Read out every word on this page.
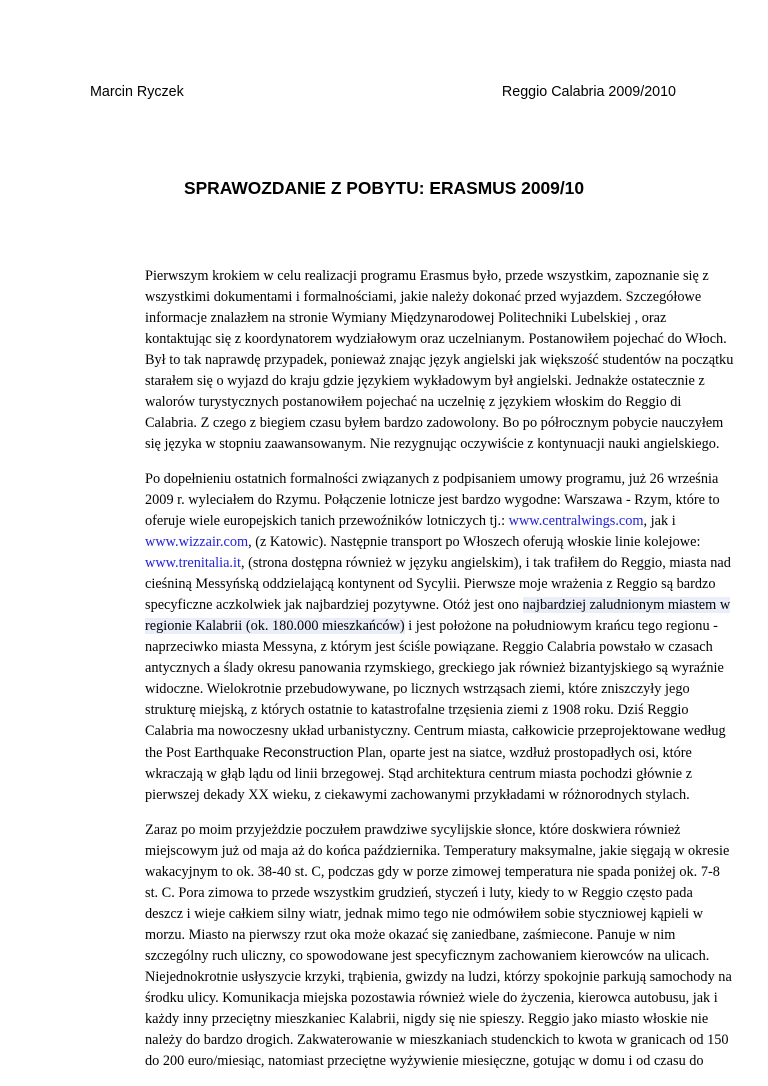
Marcin Ryczek	Reggio Calabria 2009/2010
SPRAWOZDANIE Z POBYTU: ERASMUS 2009/10

Pierwszym krokiem w celu realizacji programu Erasmus było, przede wszystkim, zapoznanie się z
wszystkimi dokumentami i formalnościami, jakie należy dokonać przed wyjazdem. Szczegółowe
informacje znalazłem na stronie Wymiany Międzynarodowej Politechniki Lubelskiej , oraz
kontaktując się z koordynatorem wydziałowym oraz uczelnianym. Postanowiłem pojechać do Włoch.
Był to tak naprawdę przypadek, ponieważ znając język angielski jak większość studentów na początku
starałem się o wyjazd do kraju gdzie językiem wykładowym był angielski. Jednakże ostatecznie z
walorów turystycznych postanowiłem pojechać na uczelnię z językiem włoskim do Reggio di
Calabria. Z czego z biegiem czasu byłem bardzo zadowolony. Bo po półrocznym pobycie nauczyłem
się języka w stopniu zaawansowanym. Nie rezygnując oczywiście z kontynuacji nauki angielskiego.

Po dopełnieniu ostatnich formalności związanych z podpisaniem umowy programu, już 26 września
2009 r. wyleciałem do Rzymu. Połączenie lotnicze jest bardzo wygodne: Warszawa - Rzym, które to
oferuje wiele europejskich tanich przewoźników lotniczych tj.: www.centralwings.com, jak i
www.wizzair.com, (z Katowic). Następnie transport po Włoszech oferują włoskie linie kolejowe:
www.trenitalia.it, (strona dostępna również w języku angielskim), i tak trafiłem do Reggio, miasta nad
cieśniną Messyńską oddzielającą kontynent od Sycylii. Pierwsze moje wrażenia z Reggio są bardzo
specyficzne aczkolwiek jak najbardziej pozytywne. Otóż jest ono najbardziej zaludnionym miastem w
regionie Kalabrii (ok. 180.000 mieszkańców) i jest położone na południowym krańcu tego regionu -
naprzeciwko miasta Messyna, z którym jest ściśle powiązane. Reggio Calabria powstało w czasach
antycznych a ślady okresu panowania rzymskiego, greckiego jak również bizantyjskiego są wyraźnie
widoczne. Wielokrotnie przebudowywane, po licznych wstrząsach ziemi, które zniszczyły jego
strukturę miejską, z których ostatnie to katastrofalne trzęsienia ziemi z 1908 roku. Dziś Reggio
Calabria ma nowoczesny układ urbanistyczny. Centrum miasta, całkowicie przeprojektowane według
the Post Earthquake Reconstruction Plan, oparte jest na siatce, wzdłuż prostopadłych osi, które
wkraczają w głąb lądu od linii brzegowej. Stąd architektura centrum miasta pochodzi głównie z
pierwszej dekady XX wieku, z ciekawymi zachowanymi przykładami w różnorodnych stylach.

Zaraz po moim przyjeżdzie poczułem prawdziwe sycylijskie słonce, które doskwiera również
miejscowym już od maja aż do końca października. Temperatury maksymalne, jakie sięgają w okresie
wakacyjnym to ok. 38-40 st. C, podczas gdy w porze zimowej temperatura nie spada poniżej ok. 7-8
st. C. Pora zimowa to przede wszystkim grudzień, styczeń i luty, kiedy to w Reggio często pada
deszcz i wieje całkiem silny wiatr, jednak mimo tego nie odmówiłem sobie styczniowej kąpieli w
morzu. Miasto na pierwszy rzut oka może okazać się zaniedbane, zaśmiecone. Panuje w nim
szczególny ruch uliczny, co spowodowane jest specyficznym zachowaniem kierowców na ulicach.
Niejednokrotnie usłyszycie krzyki, trąbienia, gwizdy na ludzi, którzy spokojnie parkują samochody na
środku ulicy. Komunikacja miejska pozostawia również wiele do życzenia, kierowca autobusu, jak i
każdy inny przeciętny mieszkaniec Kalabrii, nigdy się nie spieszy. Reggio jako miasto włoskie nie
należy do bardzo drogich. Zakwaterowanie w mieszkaniach studenckich to kwota w granicach od 150
do 200 euro/miesiąc, natomiast przeciętne wyżywienie miesięczne, gotując w domu i od czasu do
